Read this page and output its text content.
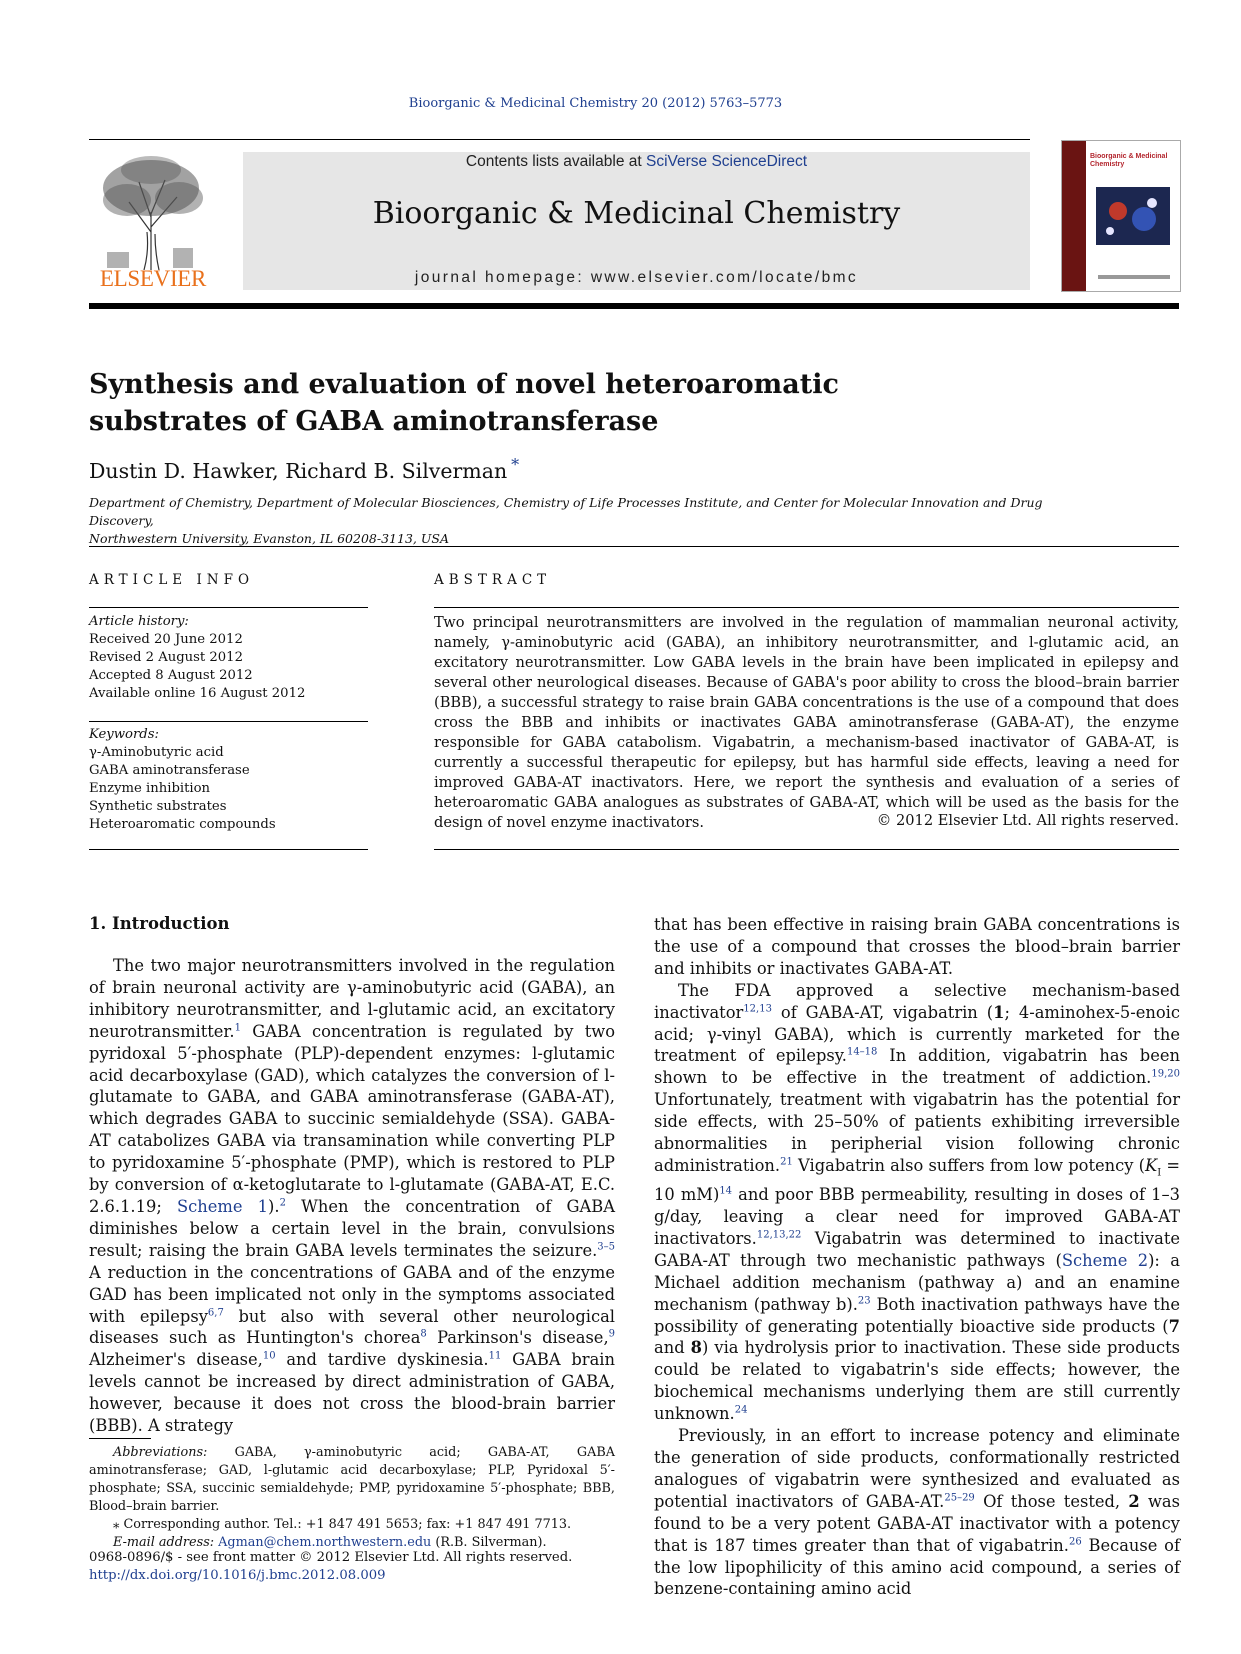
Bioorganic & Medicinal Chemistry 20 (2012) 5763–5773
ELSEVIER
Contents lists available at SciVerse ScienceDirect
Bioorganic & Medicinal Chemistry
journal homepage: www.elsevier.com/locate/bmc
Bioorganic & Medicinal Chemistry
Synthesis and evaluation of novel heteroaromatic substrates of GABA aminotransferase
Dustin D. Hawker, Richard B. Silverman *
Department of Chemistry, Department of Molecular Biosciences, Chemistry of Life Processes Institute, and Center for Molecular Innovation and Drug Discovery,
Northwestern University, Evanston, IL 60208-3113, USA
ARTICLE INFO
Article history:
Received 20 June 2012
Revised 2 August 2012
Accepted 8 August 2012
Available online 16 August 2012
Keywords:
γ-Aminobutyric acid
GABA aminotransferase
Enzyme inhibition
Synthetic substrates
Heteroaromatic compounds
ABSTRACT
Two principal neurotransmitters are involved in the regulation of mammalian neuronal activity, namely, γ-aminobutyric acid (GABA), an inhibitory neurotransmitter, and l-glutamic acid, an excitatory neurotransmitter. Low GABA levels in the brain have been implicated in epilepsy and several other neurological diseases. Because of GABA's poor ability to cross the blood–brain barrier (BBB), a successful strategy to raise brain GABA concentrations is the use of a compound that does cross the BBB and inhibits or inactivates GABA aminotransferase (GABA-AT), the enzyme responsible for GABA catabolism. Vigabatrin, a mechanism-based inactivator of GABA-AT, is currently a successful therapeutic for epilepsy, but has harmful side effects, leaving a need for improved GABA-AT inactivators. Here, we report the synthesis and evaluation of a series of heteroaromatic GABA analogues as substrates of GABA-AT, which will be used as the basis for the design of novel enzyme inactivators.	© 2012 Elsevier Ltd. All rights reserved.
1. Introduction

The two major neurotransmitters involved in the regulation of brain neuronal activity are γ-aminobutyric acid (GABA), an inhibitory neurotransmitter, and l-glutamic acid, an excitatory neurotransmitter.$^1$ GABA concentration is regulated by two pyridoxal 5′-phosphate (PLP)-dependent enzymes: l-glutamic acid decarboxylase (GAD), which catalyzes the conversion of l-glutamate to GABA, and GABA aminotransferase (GABA-AT), which degrades GABA to succinic semialdehyde (SSA). GABA-AT catabolizes GABA via transamination while converting PLP to pyridoxamine 5′-phosphate (PMP), which is restored to PLP by conversion of α-ketoglutarate to l-glutamate (GABA-AT, E.C. 2.6.1.19; Scheme 1).$^2$ When the concentration of GABA diminishes below a certain level in the brain, convulsions result; raising the brain GABA levels terminates the seizure.$^{3-5}$ A reduction in the concentrations of GABA and of the enzyme GAD has been implicated not only in the symptoms associated with epilepsy$^{6,7}$ but also with several other neurological diseases such as Huntington's chorea$^8$ Parkinson's disease,$^9$ Alzheimer's disease,$^{10}$ and tardive dyskinesia.$^{11}$ GABA brain levels cannot be increased by direct administration of GABA, however, because it does not cross the blood-brain barrier (BBB). A strategy

that has been effective in raising brain GABA concentrations is the use of a compound that crosses the blood–brain barrier and inhibits or inactivates GABA-AT.

The FDA approved a selective mechanism-based inactivator$^{12,13}$ of GABA-AT, vigabatrin (1; 4-aminohex-5-enoic acid; γ-vinyl GABA), which is currently marketed for the treatment of epilepsy.$^{14-18}$ In addition, vigabatrin has been shown to be effective in the treatment of addiction.$^{19,20}$ Unfortunately, treatment with vigabatrin has the potential for side effects, with 25–50% of patients exhibiting irreversible abnormalities in peripherial vision following chronic administration.$^{21}$ Vigabatrin also suffers from low potency ($K_I = 10$ mM)$^{14}$ and poor BBB permeability, resulting in doses of 1–3 g/day, leaving a clear need for improved GABA-AT inactivators.$^{12,13,22}$ Vigabatrin was determined to inactivate GABA-AT through two mechanistic pathways (Scheme 2): a Michael addition mechanism (pathway a) and an enamine mechanism (pathway b).$^{23}$ Both inactivation pathways have the possibility of generating potentially bioactive side products (7 and 8) via hydrolysis prior to inactivation. These side products could be related to vigabatrin's side effects; however, the biochemical mechanisms underlying them are still currently unknown.$^{24}$

Previously, in an effort to increase potency and eliminate the generation of side products, conformationally restricted analogues of vigabatrin were synthesized and evaluated as potential inactivators of GABA-AT.$^{25-29}$ Of those tested, 2 was found to be a very potent GABA-AT inactivator with a potency that is 187 times greater than that of vigabatrin.$^{26}$ Because of the low lipophilicity of this amino acid compound, a series of benzene-containing amino acid

Abbreviations: GABA, γ-aminobutyric acid; GABA-AT, GABA aminotransferase; GAD, l-glutamic acid decarboxylase; PLP, Pyridoxal 5′-phosphate; SSA, succinic semialdehyde; PMP, pyridoxamine 5′-phosphate; BBB, Blood–brain barrier.

⁎ Corresponding author. Tel.: +1 847 491 5653; fax: +1 847 491 7713.

E-mail address: Agman@chem.northwestern.edu (R.B. Silverman).

0968-0896/$ - see front matter © 2012 Elsevier Ltd. All rights reserved.
http://dx.doi.org/10.1016/j.bmc.2012.08.009
